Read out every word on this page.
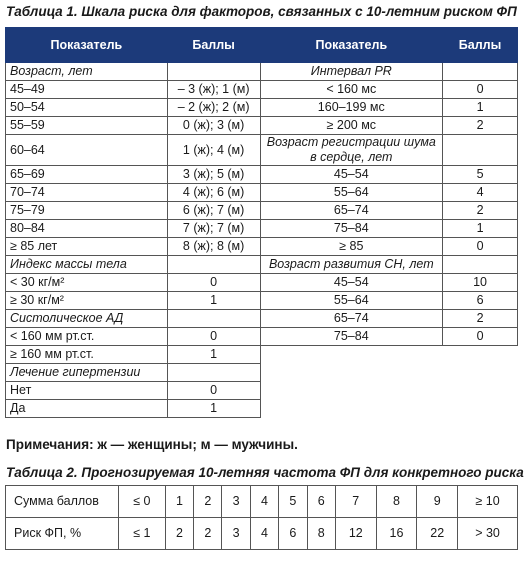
Таблица 1. Шкала риска для факторов, связанных с 10-летним риском ФП
Показатель	Баллы	Показатель	Баллы
Возраст, лет		Интервал PR	
45–49	– 3 (ж); 1 (м)	< 160 мс	0
50–54	– 2 (ж); 2 (м)	160–199 мс	1
55–59	0 (ж); 3 (м)	≥ 200 мс	2
60–64	1 (ж); 4 (м)	Возраст регистрации шума в сердце, лет	
65–69	3 (ж); 5 (м)	45–54	5
70–74	4 (ж); 6 (м)	55–64	4
75–79	6 (ж); 7 (м)	65–74	2
80–84	7 (ж); 7 (м)	75–84	1
≥ 85 лет	8 (ж); 8 (м)	≥ 85	0
Индекс массы тела		Возраст развития СН, лет	
< 30 кг/м²	0	45–54	10
≥ 30 кг/м²	1	55–64	6
Систолическое АД		65–74	2
< 160 мм рт.ст.	0	75–84	0
≥ 160 мм рт.ст.	1		
Лечение гипертензии			
Нет	0		
Да	1		
Примечания: ж — женщины; м — мужчины.
Таблица 2. Прогнозируемая 10-летняя частота ФП для конкретного риска
Сумма баллов	≤ 0	1	2	3	4	5	6	7	8	9	≥ 10
Риск ФП, %	≤ 1	2	2	3	4	6	8	12	16	22	> 30
